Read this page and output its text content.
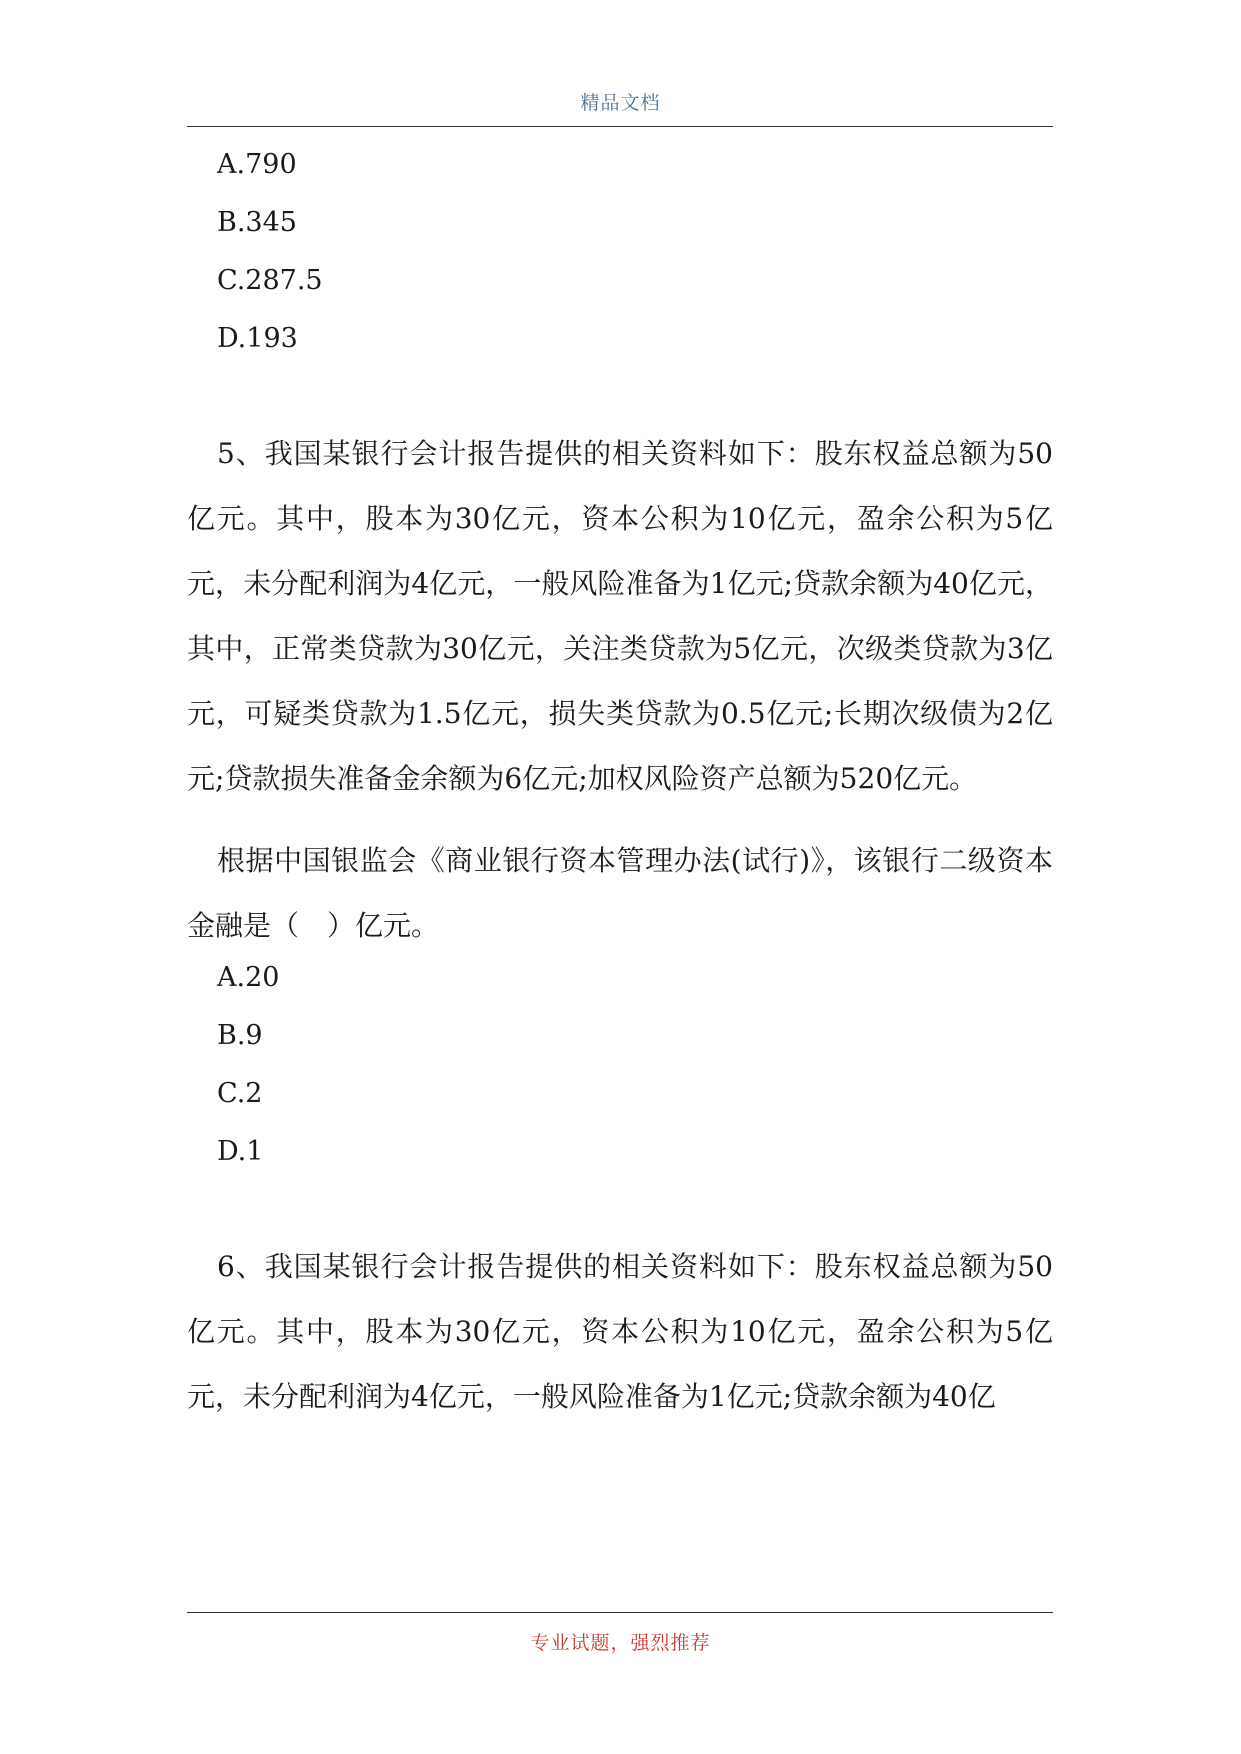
精品文档
A.790
B.345
C.287.5
D.193

5、我国某银行会计报告提供的相关资料如下：股东权益总额为50亿元。其中，股本为30亿元，资本公积为10亿元，盈余公积为5亿元，未分配利润为4亿元，一般风险准备为1亿元;贷款余额为40亿元，其中，正常类贷款为30亿元，关注类贷款为5亿元，次级类贷款为3亿元，可疑类贷款为1.5亿元，损失类贷款为0.5亿元;长期次级债为2亿元;贷款损失准备金余额为6亿元;加权风险资产总额为520亿元。

根据中国银监会《商业银行资本管理办法(试行)》，该银行二级资本金融是（　）亿元。

A.20
B.9
C.2
D.1

6、我国某银行会计报告提供的相关资料如下：股东权益总额为50亿元。其中，股本为30亿元，资本公积为10亿元，盈余公积为5亿元，未分配利润为4亿元，一般风险准备为1亿元;贷款余额为40亿

专业试题，强烈推荐
